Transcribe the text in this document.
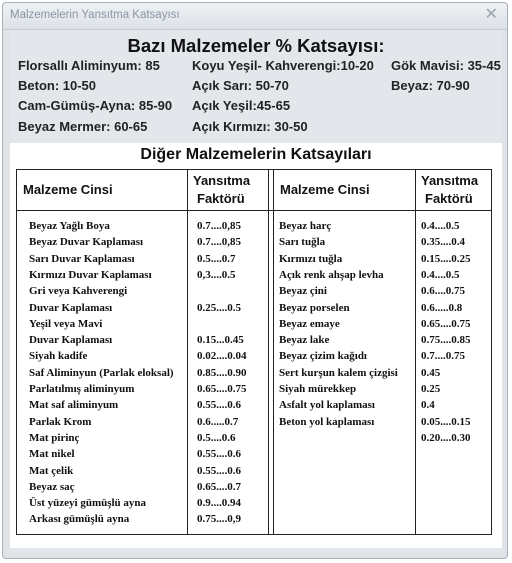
Malzemelerin Yansıtma Katsayısı	✕
Bazı Malzemeler % Katsayısı:
Florsallı Aliminyum: 85 Koyu Yeşil- Kahverengi:10-20 Gök Mavisi: 35-45
Beton: 10-50	Açık Sarı: 50-70	Beyaz: 70-90
Cam-Gümüş-Ayna: 85-90 Açık Yeşil:45-65
Beyaz Mermer: 60-65	Açık Kırmızı: 30-50
Diğer Malzemelerin Katsayıları
Malzeme Cinsi
Yansıtma
Faktörü
Malzeme Cinsi
Yansıtma
Faktörü
Beyaz Yağlı Boya	0.7....0,85
Beyaz Duvar Kaplaması	0.7....0,85
Sarı Duvar Kaplaması	0.5....0.7
Kırmızı Duvar Kaplaması	0,3....0.5
Gri veya Kahverengi
Duvar Kaplaması	0.25....0.5
Yeşil veya Mavi
Duvar Kaplaması	0.15...0.45
Siyah kadife	0.02....0.04
Saf Aliminyun (Parlak eloksal) 0.85....0.90
Parlatılmış aliminyum	0.65....0.75
Mat saf aliminyum	0.55....0.6
Parlak Krom	0.6.....0.7
Mat pirinç	0.5....0.6
Mat nikel	0.55....0.6
Mat çelik	0.55....0.6
Beyaz saç	0.65....0.7
Üst yüzeyi gümüşlü ayna	0.9....0.94
Arkası gümüşlü ayna	0.75....0,9
Beyaz harç	0.4....0.5
Sarı tuğla	0.35....0.4
Kırmızı tuğla	0.15....0.25
Açık renk ahşap levha	0.4....0.5
Beyaz çini	0.6....0.75
Beyaz porselen	0.6.....0.8
Beyaz emaye	0.65....0.75
Beyaz lake	0.75....0.85
Beyaz çizim kağıdı	0.7....0.75
Sert kurşun kalem çizgisi 0.45
Siyah mürekkep	0.25
Asfalt yol kaplaması	0.4
Beton yol kaplaması	0.05....0.15
0.20....0.30
